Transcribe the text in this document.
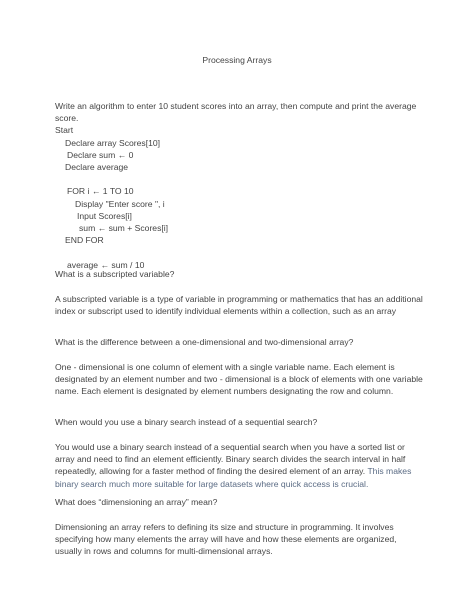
Processing Arrays

Write an algorithm to enter 10 student scores into an array, then compute and print the average score.

Start
Declare array Scores[10]
Declare sum ← 0
Declare average

FOR i ← 1 TO 10
Display "Enter score ", i
Input Scores[i]
sum ← sum + Scores[i]
END FOR

average ← sum / 10

What is a subscripted variable?

A subscripted variable is a type of variable in programming or mathematics that has an additional index or subscript used to identify individual elements within a collection, such as an array

What is the difference between a one-dimensional and two-dimensional array?

One - dimensional is one column of element with a single variable name. Each element is designated by an element number and two - dimensional is a block of elements with one variable name. Each element is designated by element numbers designating the row and column.

When would you use a binary search instead of a sequential search?

You would use a binary search instead of a sequential search when you have a sorted list or array and need to find an element efficiently. Binary search divides the search interval in half repeatedly, allowing for a faster method of finding the desired element of an array. This makes binary search much more suitable for large datasets where quick access is crucial.

What does “dimensioning an array” mean?

Dimensioning an array refers to defining its size and structure in programming. It involves specifying how many elements the array will have and how these elements are organized, usually in rows and columns for multi-dimensional arrays.
